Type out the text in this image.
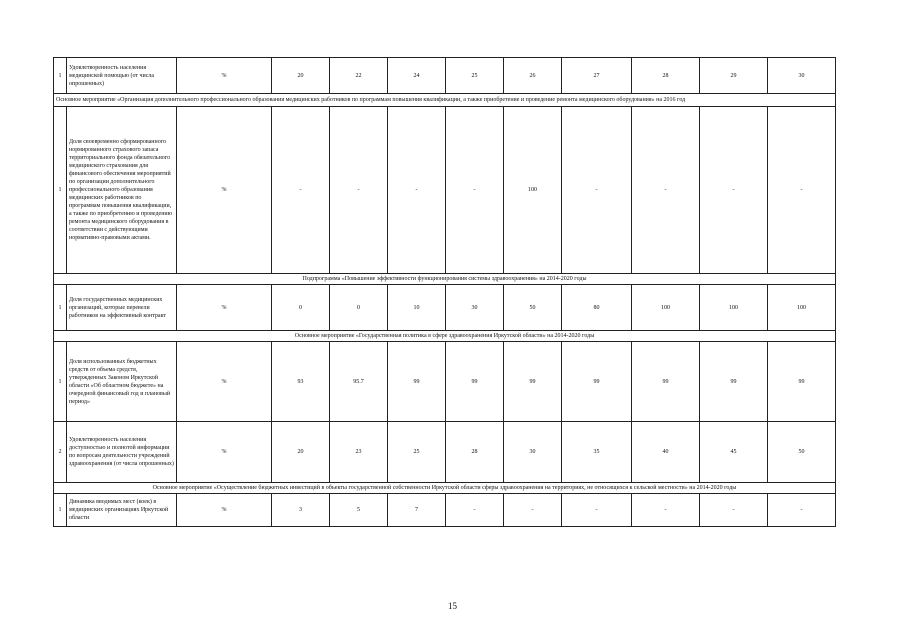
1	Удовлетворенность населения медицинской помощью (от числа опрошенных)	%	20	22	24	25	26	27	28	29	30
Основное мероприятие «Организация дополнительного профессионального образования медицинских работников по программам повышения квалификации, а также приобретение и проведение ремонта медицинского оборудования» на 2016 год											
1	Доля своевременно сформированного нормированного страхового запаса территориального фонда обязательного медицинского страхования для финансового обеспечения мероприятий по организации дополнительного профессионального образования медицинских работников по программам повышения квалификации, а также по приобретению и проведению ремонта медицинского оборудования в соответствии с действующими нормативно-правовыми актами.	%	-	-	-	-	100	-	-	-	-
Подпрограмма «Повышение эффективности функционирования системы здравоохранения» на 2014-2020 годы											
1	Доля государственных медицинских организаций, которые перевели работников на эффективный контракт	%	0	0	10	30	50	80	100	100	100
Основное мероприятие «Государственная политика в сфере здравоохранения Иркутской области» на 2014-2020 годы											
1	Доля использованных бюджетных средств от объема средств, утвержденных Законом Иркутской области «Об областном бюджете» на очередной финансовый год и плановый период»	%	93	95.7	99	99	99	99	99	99	99
2	Удовлетворенность населения доступностью и полнотой информации по вопросам деятельности учреждений здравоохранения (от числа опрошенных)	%	20	23	25	28	30	35	40	45	50
Основное мероприятие «Осуществление бюджетных инвестиций в объекты государственной собственности Иркутской области сферы здравоохранения на территориях, не относящихся к сельской местности» на 2014-2020 годы											
1	Динамика вводимых мест (коек) в медицинских организациях Иркутской области	%	3	5	7	-	-	-	-	-	-
15
